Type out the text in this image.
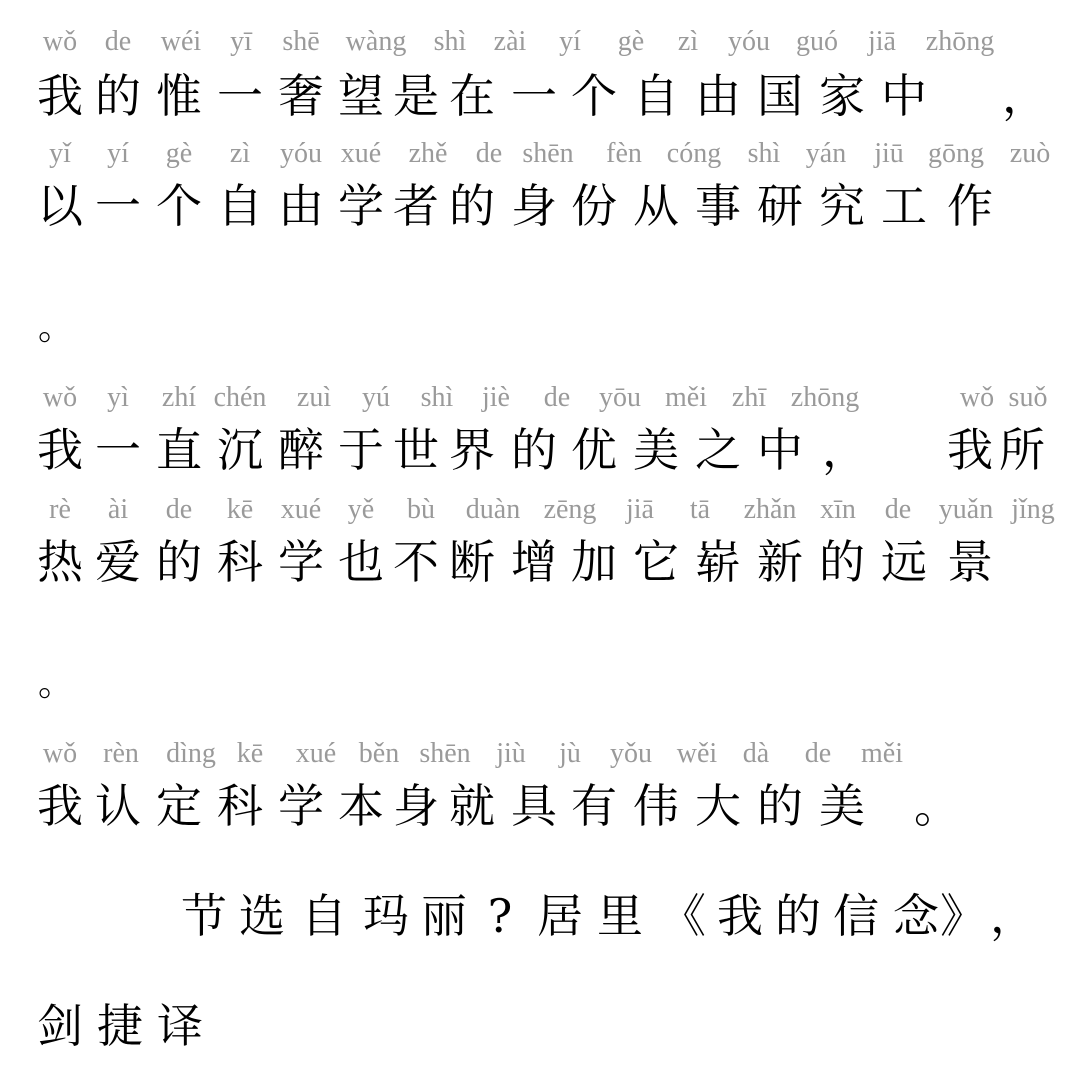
wǒ de wéi yī shē wàng shì zài yí gè zì yóu guó jiā zhōng
我 的 惟 一 奢 望 是 在 一 个 自 由 国 家 中 ，
yǐ yí gè zì yóu xué zhě de shēn fèn cóng shì yán jiū gōng zuò
以 一 个 自 由 学 者 的 身 份 从 事 研 究 工 作
。
wǒ yì zhí chén zuì yú shì jiè de yōu měi zhī zhōng	wǒ suǒ
我 一 直 沉 醉 于 世 界 的 优 美 之 中 ， 我 所
rè ài de kē xué yě bù duàn zēng jiā tā zhǎn xīn de yuǎn jǐng
热 爱 的 科 学 也 不 断 增 加 它 崭 新 的 远 景
。
wǒ rèn dìng kē xué běn shēn jiù jù yǒu wěi dà de měi
我 认 定 科 学 本 身 就 具 有 伟 大 的 美 。
节 选 自 玛 丽 ? 居 里 《 我 的 信 念 》 ，
剑 捷 译
